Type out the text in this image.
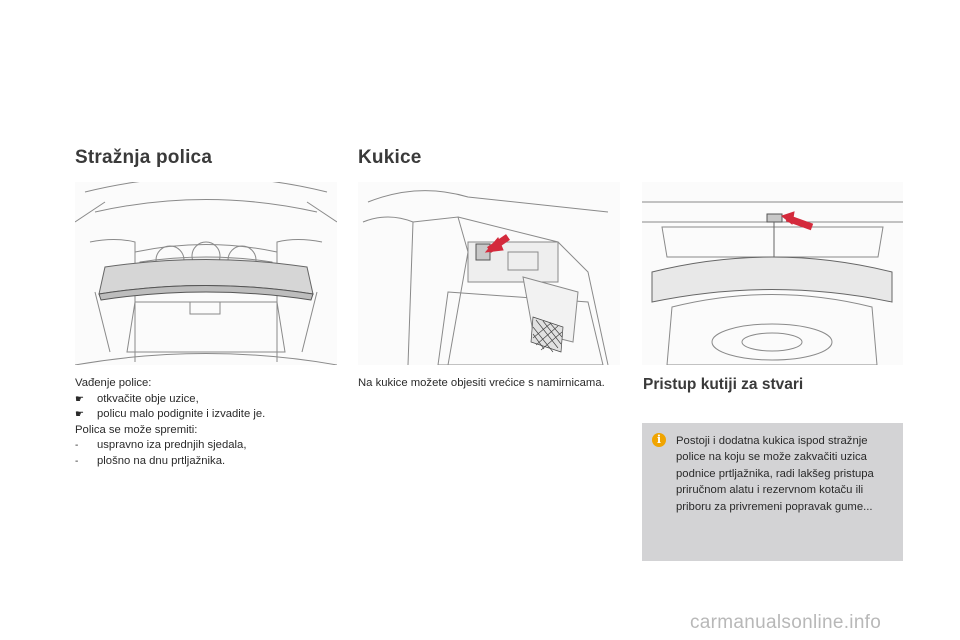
Stražnja polica	Kukice
Vađenje police:
☛	otkvačite obje uzice,
☛	policu malo podignite i izvadite je.
Polica se može spremiti:
-	uspravno iza prednjih sjedala,
-	plošno na dnu prtljažnika.
Na kukice možete objesiti vrećice s namirnicama.	Pristup kutiji za stvari
i	Postoji i dodatna kukica ispod stražnje police na koju se može zakvačiti uzica podnice prtljažnika, radi lakšeg pristupa priručnom alatu i rezervnom kotaču ili priboru za privremeni popravak gume...
carmanualsonline.info
